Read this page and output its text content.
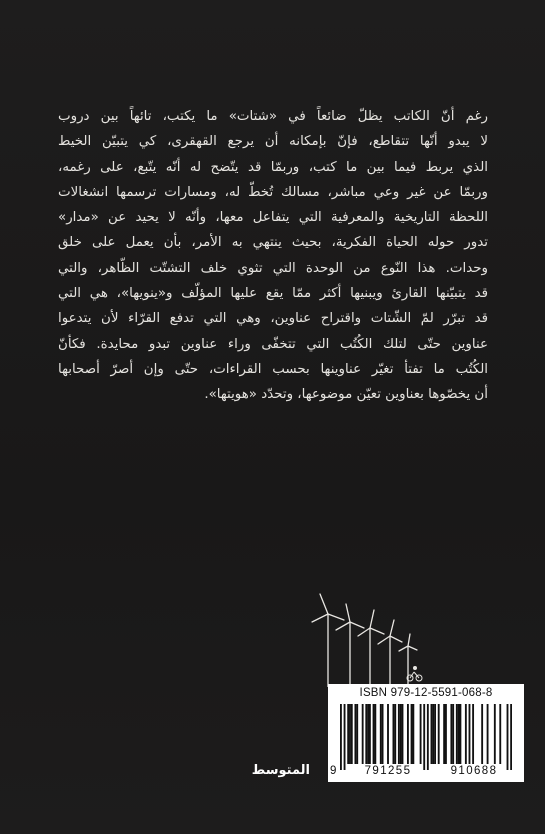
رغم أنّ الكاتب يظلّ ضائعاً في «شتات» ما يكتب، تائهاً بين دروب
لا يبدو أنّها تتقاطع، فإنّ بإمكانه أن يرجع القهقرى، كي يتبيّن الخيط
الذي يربط فيما بين ما كتب، وربمّا قد يتّضح له أنّه يتّبع، على رغمه،
وربمّا عن غير وعي مباشر، مسالك تُخطّ له، ومسارات ترسمها انشغالات
اللحظة التاريخية والمعرفية التي يتفاعل معها، وأنّه لا يحيد عن «مدار»
تدور حوله الحياة الفكرية، بحيث ينتهي به الأمر، بأن يعمل على خلق
وحدات. هذا النّوع من الوحدة التي تثوي خلف التشتّت الظّاهر، والتي
قد يتبيّنها القارئ ويبنيها أكثر ممّا يقع عليها المؤلّف و«ينويها»، هي التي
قد تبرّر لمّ الشّتات واقتراح عناوين، وهي التي تدفع القرّاء لأن يتدعوا
عناوين حتّى لتلك الكُتُب التي تتخفّى وراء عناوين تبدو محايدة. فكأنّ
الكُتُب ما تفتأ تغيّر عناوينها بحسب القراءات، حتّى وإن أصرّ أصحابها
أن يخصّوها بعناوين تعيّن موضوعها، وتحدّد «هويتها».
ISBN 979-12-5591-068-8
9	791255	910688
المتوسط
